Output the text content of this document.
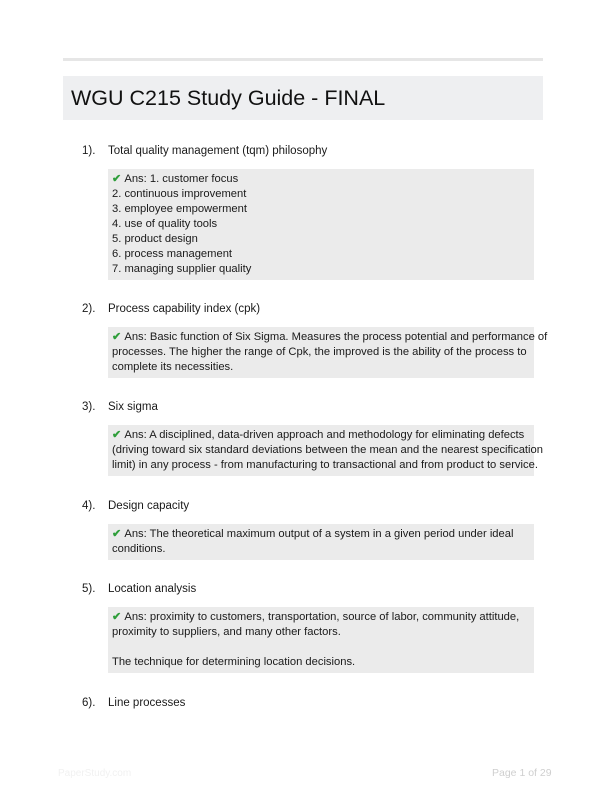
WGU C215 Study Guide - FINAL
1). Total quality management (tqm) philosophy
✔ Ans: 1. customer focus
2. continuous improvement
3. employee empowerment
4. use of quality tools
5. product design
6. process management
7. managing supplier quality
2). Process capability index (cpk)
✔ Ans: Basic function of Six Sigma. Measures the process potential and performance of
processes. The higher the range of Cpk, the improved is the ability of the process to
complete its necessities.
3). Six sigma
✔ Ans: A disciplined, data-driven approach and methodology for eliminating defects
(driving toward six standard deviations between the mean and the nearest specification
limit) in any process - from manufacturing to transactional and from product to service.
4). Design capacity
✔ Ans: The theoretical maximum output of a system in a given period under ideal
conditions.
5). Location analysis
✔ Ans: proximity to customers, transportation, source of labor, community attitude,
proximity to suppliers, and many other factors.
The technique for determining location decisions.
6). Line processes
PaperStudy.com	Page 1 of 29
